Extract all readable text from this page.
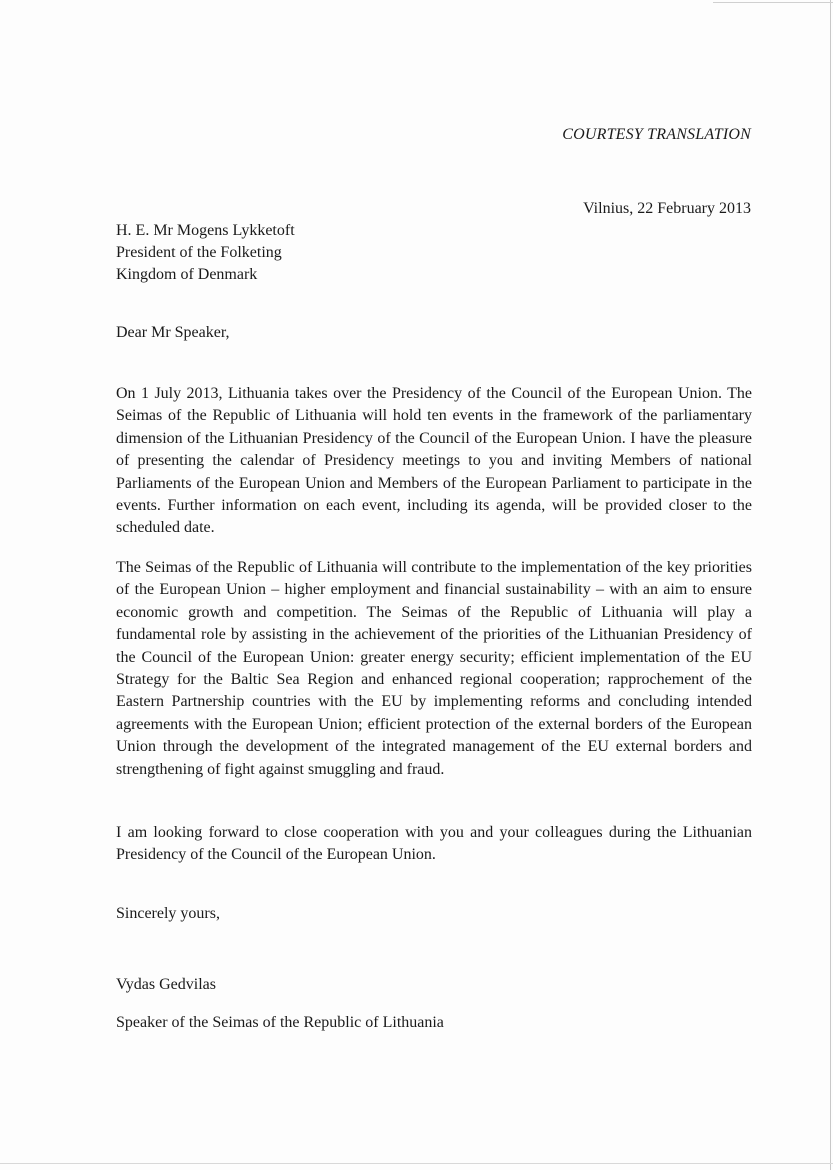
COURTESY TRANSLATION
Vilnius, 22 February 2013
H. E. Mr Mogens Lykketoft
President of the Folketing
Kingdom of Denmark
Dear Mr Speaker,

On 1 July 2013, Lithuania takes over the Presidency of the Council of the European Union. The Seimas of the Republic of Lithuania will hold ten events in the framework of the parliamentary dimension of the Lithuanian Presidency of the Council of the European Union. I have the pleasure of presenting the calendar of Presidency meetings to you and inviting Members of national Parliaments of the European Union and Members of the European Parliament to participate in the events. Further information on each event, including its agenda, will be provided closer to the scheduled date.

The Seimas of the Republic of Lithuania will contribute to the implementation of the key priorities of the European Union – higher employment and financial sustainability – with an aim to ensure economic growth and competition. The Seimas of the Republic of Lithuania will play a fundamental role by assisting in the achievement of the priorities of the Lithuanian Presidency of the Council of the European Union: greater energy security; efficient implementation of the EU Strategy for the Baltic Sea Region and enhanced regional cooperation; rapprochement of the Eastern Partnership countries with the EU by implementing reforms and concluding intended agreements with the European Union; efficient protection of the external borders of the European Union through the development of the integrated management of the EU external borders and strengthening of fight against smuggling and fraud.

I am looking forward to close cooperation with you and your colleagues during the Lithuanian Presidency of the Council of the European Union.

Sincerely yours,
Vydas Gedvilas
Speaker of the Seimas of the Republic of Lithuania
